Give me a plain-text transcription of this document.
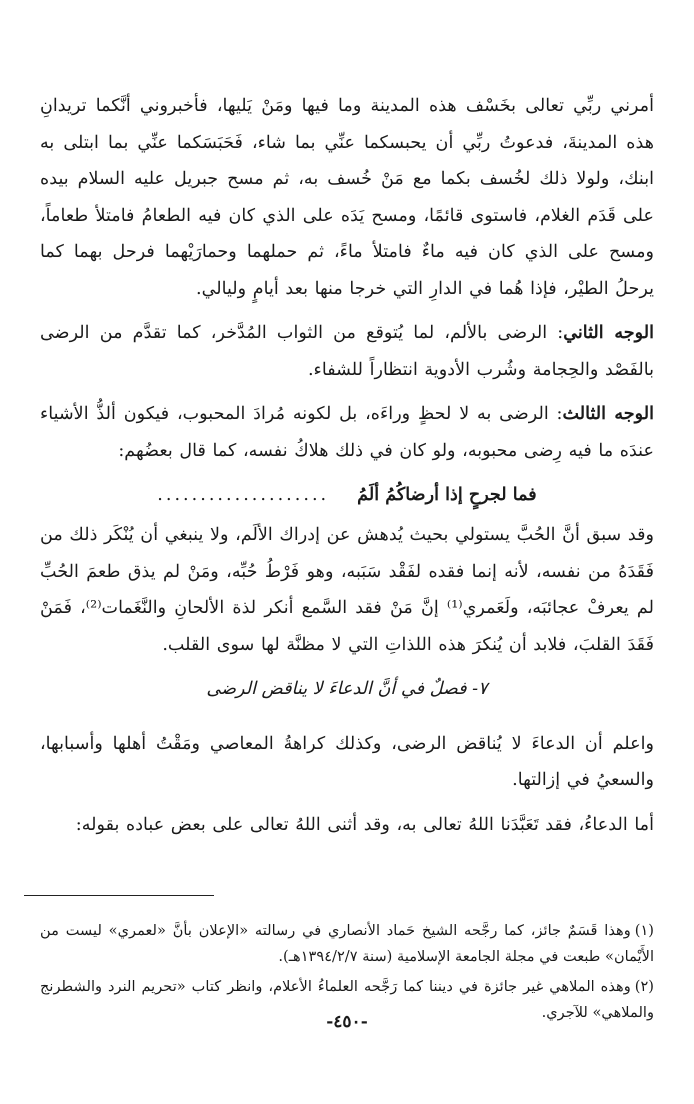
أمرني ربِّي تعالى بخَسْف هذه المدينة وما فيها ومَنْ يَليها، فأخبروني أنَّكما تريدانِ هذه المدينةَ، فدعوتُ ربِّي أن يحبسكما عنِّي بما شاء، فَحَبَسَكما عنِّي بما ابتلى به ابنك، ولولا ذلك لخُسف بكما مع مَنْ خُسف به، ثم مسح جبريل عليه السلام بيده على قَدَم الغلام، فاستوى قائمًا، ومسح يَدَه على الذي كان فيه الطعامُ فامتلأ طعاماً، ومسح على الذي كان فيه ماءٌ فامتلأ ماءً، ثم حملهما وحمارَيْهما فرحل بهما كما يرحلُ الطيْر، فإذا هُما في الدارِ التي خرجا منها بعد أيامٍ وليالي.

الوجه الثاني: الرضى بالألم، لما يُتوقع من الثواب المُدَّخر، كما تقدَّم من الرضى بالفَصْد والحِجامة وشُرب الأدوية انتظاراً للشفاء.

الوجه الثالث: الرضى به لا لحظٍ وراءَه، بل لكونه مُرادَ المحبوب، فيكون ألذُّ الأشياء عندَه ما فيه رِضى محبوبه، ولو كان في ذلك هلاكُ نفسه، كما قال بعضُهم:

.................... فما لجرحٍ إذا أرضاكُمُ ألَمُ

وقد سبق أنَّ الحُبَّ يستولي بحيث يُدهش عن إدراك الألَم، ولا ينبغي أن يُنْكَر ذلك من فَقَدَهُ من نفسه، لأنه إنما فقده لفَقْد سَبَبه، وهو فَرْطُ حُبِّه، ومَنْ لم يذق طعمَ الحُبِّ لم يعرفْ عجائبَه، ولَعَمري⁽¹⁾ إنَّ مَنْ فقد السَّمع أنكر لذة الألحانِ والنَّغَمات⁽²⁾، فَمَنْ فَقَدَ القلبَ، فلابد أن يُنكرَ هذه اللذاتِ التي لا مظنَّة لها سوى القلب.

٧- فصلٌ في أنَّ الدعاءَ لا يناقض الرضى

واعلم أن الدعاءَ لا يُناقض الرضى، وكذلك كراهةُ المعاصي ومَقْتُ أهلها وأسبابها، والسعيُ في إزالتها.

أما الدعاءُ، فقد تَعَبَّدَنا اللهُ تعالى به، وقد أثنى اللهُ تعالى على بعض عباده بقوله:

(١)وهذا قَسَمٌ جائز، كما رجَّحه الشيخ حَماد الأنصاري في رسالته «الإعلان بأنَّ «لعمري» ليست من الأَيْمان» طبعت في مجلة الجامعة الإسلامية (سنة ١٣٩٤/٢/٧هـ).

(٢)وهذه الملاهي غير جائزة في ديننا كما رَجَّحه العلماءُ الأعلام، وانظر كتاب «تحريم النرد والشطرنج والملاهي» للآجري.

-٤٥٠-
